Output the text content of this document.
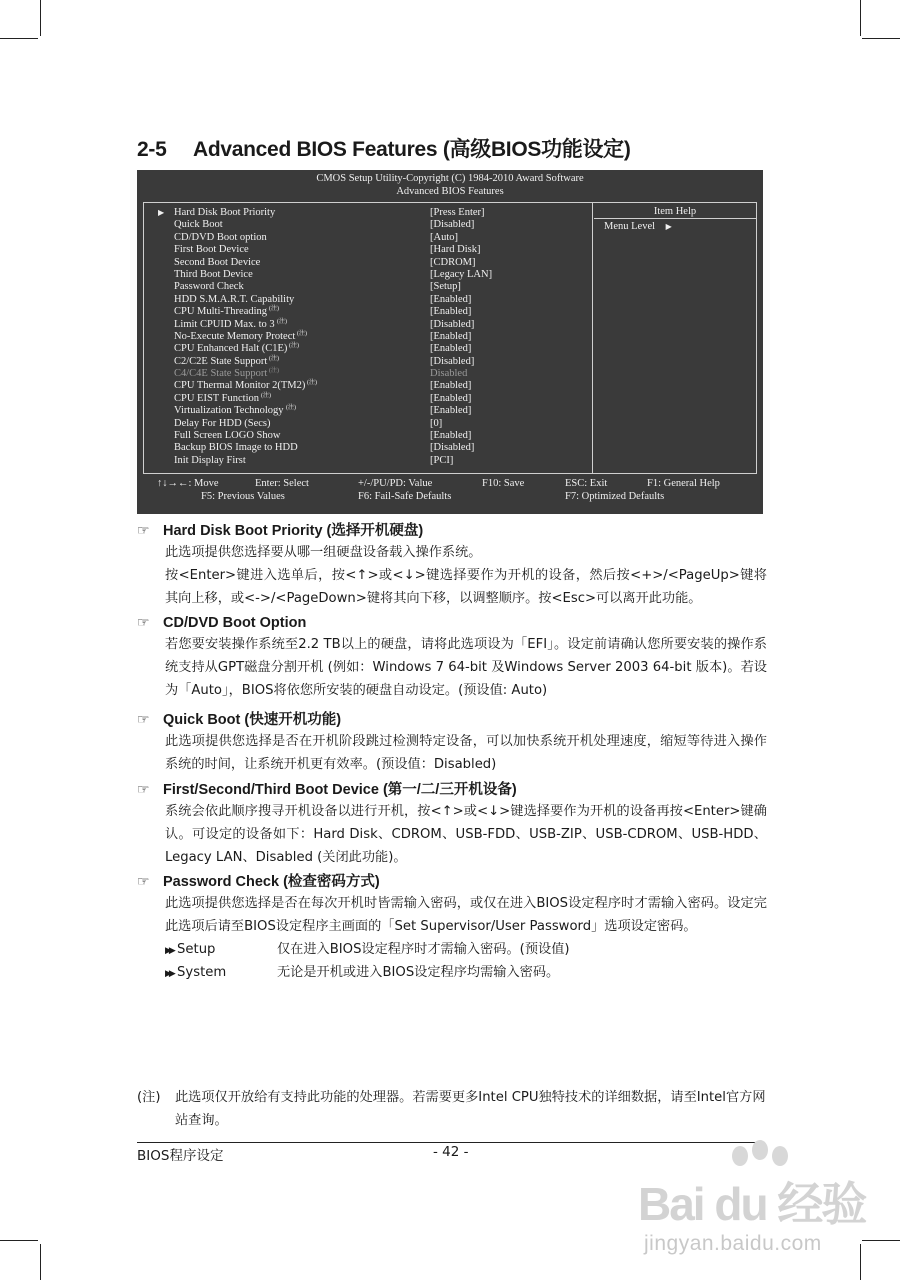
2-5 Advanced BIOS Features (高级BIOS功能设定)
CMOS Setup Utility-Copyright (C) 1984-2010 Award Software
Advanced BIOS Features
▶ Hard Disk Boot Priority	[Press Enter]
Quick Boot	[Disabled]
CD/DVD Boot option	[Auto]
First Boot Device	[Hard Disk]
Second Boot Device	[CDROM]
Third Boot Device	[Legacy LAN]
Password Check	[Setup]
HDD S.M.A.R.T. Capability	[Enabled]
CPU Multi-Threading (注)	[Enabled]
Limit CPUID Max. to 3 (注)	[Disabled]
No-Execute Memory Protect (注)	[Enabled]
CPU Enhanced Halt (C1E) (注)	[Enabled]
C2/C2E State Support (注)	[Disabled]
C4/C4E State Support (注)	Disabled
CPU Thermal Monitor 2(TM2) (注)	[Enabled]
CPU EIST Function (注)	[Enabled]
Virtualization Technology (注)	[Enabled]
Delay For HDD (Secs)	[0]
Full Screen LOGO Show	[Enabled]
Backup BIOS Image to HDD	[Disabled]
Init Display First	[PCI]
Item Help
Menu Level ▶
↑↓→←: Move	Enter: Select	+/-/PU/PD: Value	F10: Save	ESC: Exit	F1: General Help
F5: Previous Values	F6: Fail-Safe Defaults	F7: Optimized Defaults
☞ Hard Disk Boot Priority (选择开机硬盘)

此选项提供您选择要从哪一组硬盘设备载入操作系统。

按<Enter>键进入选单后，按<↑>或<↓>键选择要作为开机的设备，然后按<+>/<PageUp>键将其向上移，或<->/<PageDown>键将其向下移，以调整顺序。按<Esc>可以离开此功能。

☞ CD/DVD Boot Option

若您要安装操作系统至2.2 TB以上的硬盘，请将此选项设为「EFI」。设定前请确认您所要安装的操作系统支持从GPT磁盘分割开机 (例如：Windows 7 64-bit 及Windows Server 2003 64-bit 版本)。若设为「Auto」，BIOS将依您所安装的硬盘自动设定。(预设值: Auto)

☞ Quick Boot (快速开机功能)

此选项提供您选择是否在开机阶段跳过检测特定设备，可以加快系统开机处理速度，缩短等待进入操作系统的时间，让系统开机更有效率。(预设值：Disabled)

☞ First/Second/Third Boot Device (第一/二/三开机设备)

系统会依此顺序搜寻开机设备以进行开机，按<↑>或<↓>键选择要作为开机的设备再按<Enter>键确认。可设定的设备如下：Hard Disk、CDROM、USB-FDD、USB-ZIP、USB-CDROM、USB-HDD、Legacy LAN、Disabled (关闭此功能)。

☞ Password Check (检查密码方式)

此选项提供您选择是否在每次开机时皆需输入密码，或仅在进入BIOS设定程序时才需输入密码。设定完此选项后请至BIOS设定程序主画面的「Set Supervisor/User Password」选项设定密码。

▶▶ Setup	仅在进入BIOS设定程序时才需输入密码。(预设值)
▶▶ System	无论是开机或进入BIOS设定程序均需输入密码。
(注) 此选项仅开放给有支持此功能的处理器。若需要更多Intel CPU独特技术的详细数据，请至Intel官方网站查询。
BIOS程序设定	- 42 -
Bai du 经验
jingyan.baidu.com
